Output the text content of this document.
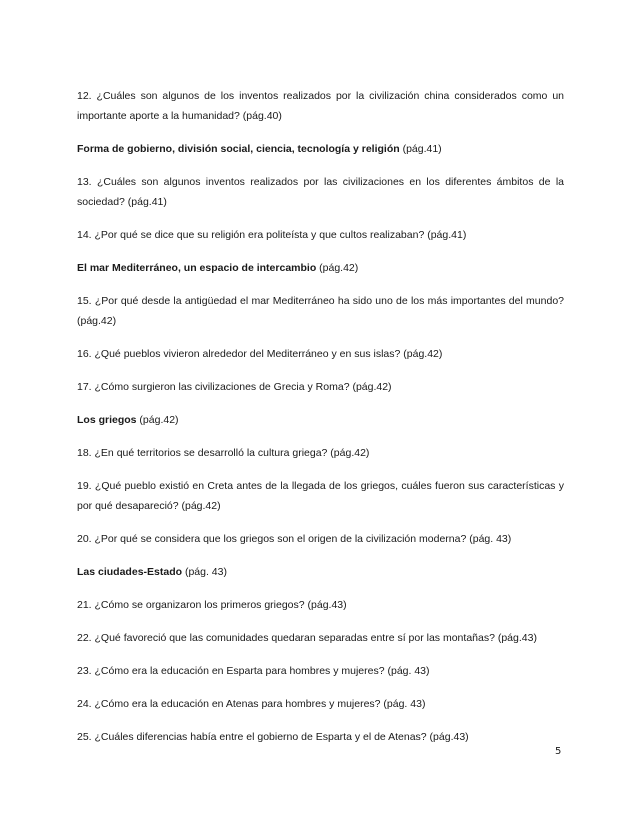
12. ¿Cuáles son algunos de los inventos realizados por la civilización china considerados como un importante aporte a la humanidad? (pág.40)

Forma de gobierno, división social, ciencia, tecnología y religión (pág.41)

13. ¿Cuáles son algunos inventos realizados por las civilizaciones en los diferentes ámbitos de la sociedad? (pág.41)

14. ¿Por qué se dice que su religión era politeísta y que cultos realizaban? (pág.41)

El mar Mediterráneo, un espacio de intercambio (pág.42)

15. ¿Por qué desde la antigüedad el mar Mediterráneo ha sido uno de los más importantes del mundo? (pág.42)

16. ¿Qué pueblos vivieron alrededor del Mediterráneo y en sus islas? (pág.42)

17. ¿Cómo surgieron las civilizaciones de Grecia y Roma? (pág.42)

Los griegos (pág.42)

18. ¿En qué territorios se desarrolló la cultura griega? (pág.42)

19. ¿Qué pueblo existió en Creta antes de la llegada de los griegos, cuáles fueron sus características y por qué desapareció? (pág.42)

20. ¿Por qué se considera que los griegos son el origen de la civilización moderna? (pág. 43)

Las ciudades-Estado (pág. 43)

21. ¿Cómo se organizaron los primeros griegos? (pág.43)

22. ¿Qué favoreció que las comunidades quedaran separadas entre sí por las montañas? (pág.43)

23. ¿Cómo era la educación en Esparta para hombres y mujeres? (pág. 43)

24. ¿Cómo era la educación en Atenas para hombres y mujeres? (pág. 43)

25. ¿Cuáles diferencias había entre el gobierno de Esparta y el de Atenas? (pág.43)

5
